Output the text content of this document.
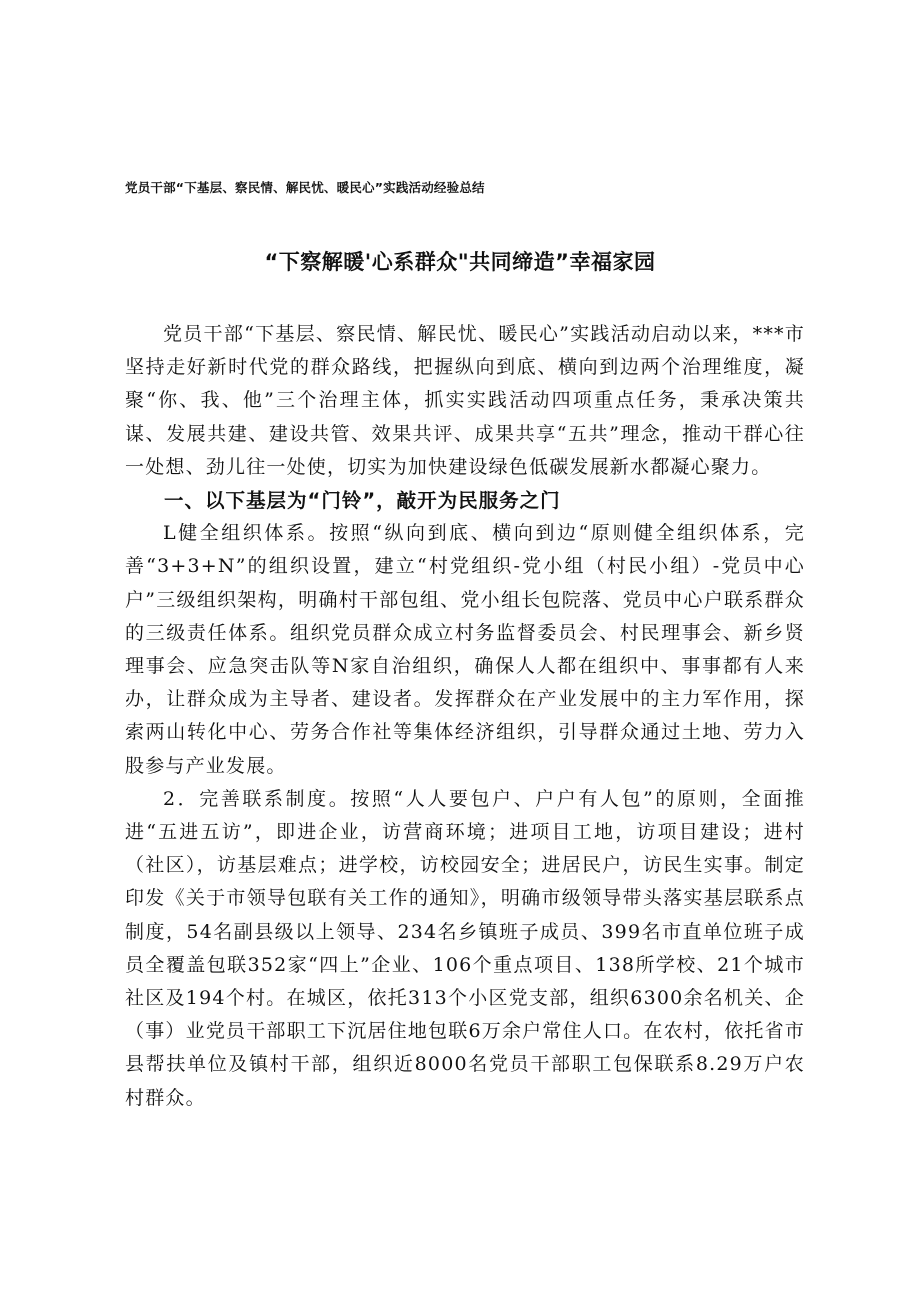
党员干部“下基层、察民情、解民忧、暖民心”实践活动经验总结
“下察解暖'心系群众"共同缔造”幸福家园

党员干部“下基层、察民情、解民忧、暖民心”实践活动启动以来，***市坚持走好新时代党的群众路线，把握纵向到底、横向到边两个治理维度，凝聚“你、我、他”三个治理主体，抓实实践活动四项重点任务，秉承决策共谋、发展共建、建设共管、效果共评、成果共享“五共”理念，推动干群心往一处想、劲儿往一处使，切实为加快建设绿色低碳发展新水都凝心聚力。

一、以下基层为“门铃”，敲开为民服务之门

L健全组织体系。按照“纵向到底、横向到边“原则健全组织体系，完善“3+3+N”的组织设置，建立“村党组织-党小组（村民小组）-党员中心户”三级组织架构，明确村干部包组、党小组长包院落、党员中心户联系群众的三级责任体系。组织党员群众成立村务监督委员会、村民理事会、新乡贤理事会、应急突击队等N家自治组织，确保人人都在组织中、事事都有人来办，让群众成为主导者、建设者。发挥群众在产业发展中的主力军作用，探索两山转化中心、劳务合作社等集体经济组织，引导群众通过土地、劳力入股参与产业发展。

2．完善联系制度。按照“人人要包户、户户有人包”的原则，全面推进“五进五访”，即进企业，访营商环境；进项目工地，访项目建设；进村（社区），访基层难点；进学校，访校园安全；进居民户，访民生实事。制定印发《关于市领导包联有关工作的通知》，明确市级领导带头落实基层联系点制度，54名副县级以上领导、234名乡镇班子成员、399名市直单位班子成员全覆盖包联352家“四上”企业、106个重点项目、138所学校、21个城市社区及194个村。在城区，依托313个小区党支部，组织6300余名机关、企（事）业党员干部职工下沉居住地包联6万余户常住人口。在农村，依托省市县帮扶单位及镇村干部，组织近8000名党员干部职工包保联系8.29万户农村群众。
